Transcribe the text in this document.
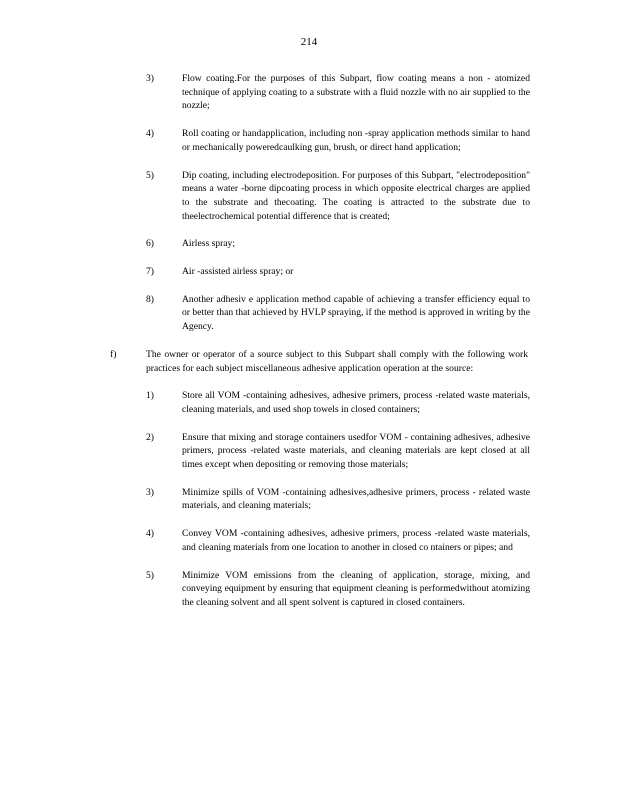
214
3)	Flow coating.For the purposes of this Subpart, flow coating means a non - atomized technique of applying coating to a substrate with a fluid nozzle with no air supplied to the nozzle;
4)	Roll coating or handapplication, including non -spray application methods similar to hand or mechanically poweredcaulking gun, brush, or direct hand application;
5)	Dip coating, including electrodeposition. For purposes of this Subpart, "electrodeposition" means a water -borne dipcoating process in which opposite electrical charges are applied to the substrate and thecoating. The coating is attracted to the substrate due to theelectrochemical potential difference that is created;
6)	Airless spray;
7)	Air -assisted airless spray; or
8)	Another adhesiv e application method capable of achieving a transfer efficiency equal to or better than that achieved by HVLP spraying, if the method is approved in writing by the Agency.
f)	The owner or operator of a source subject to this Subpart shall comply with the following work practices for each subject miscellaneous adhesive application operation at the source:
1)	Store all VOM -containing adhesives, adhesive primers, process -related waste materials, cleaning materials, and used shop towels in closed containers;
2)	Ensure that mixing and storage containers usedfor VOM - containing adhesives, adhesive primers, process -related waste materials, and cleaning materials are kept closed at all times except when depositing or removing those materials;
3)	Minimize spills of VOM -containing adhesives,adhesive primers, process - related waste materials, and cleaning materials;
4)	Convey VOM -containing adhesives, adhesive primers, process -related waste materials, and cleaning materials from one location to another in closed co ntainers or pipes; and
5)	Minimize VOM emissions from the cleaning of application, storage, mixing, and conveying equipment by ensuring that equipment cleaning is performedwithout atomizing the cleaning solvent and all spent solvent is captured in closed containers.
